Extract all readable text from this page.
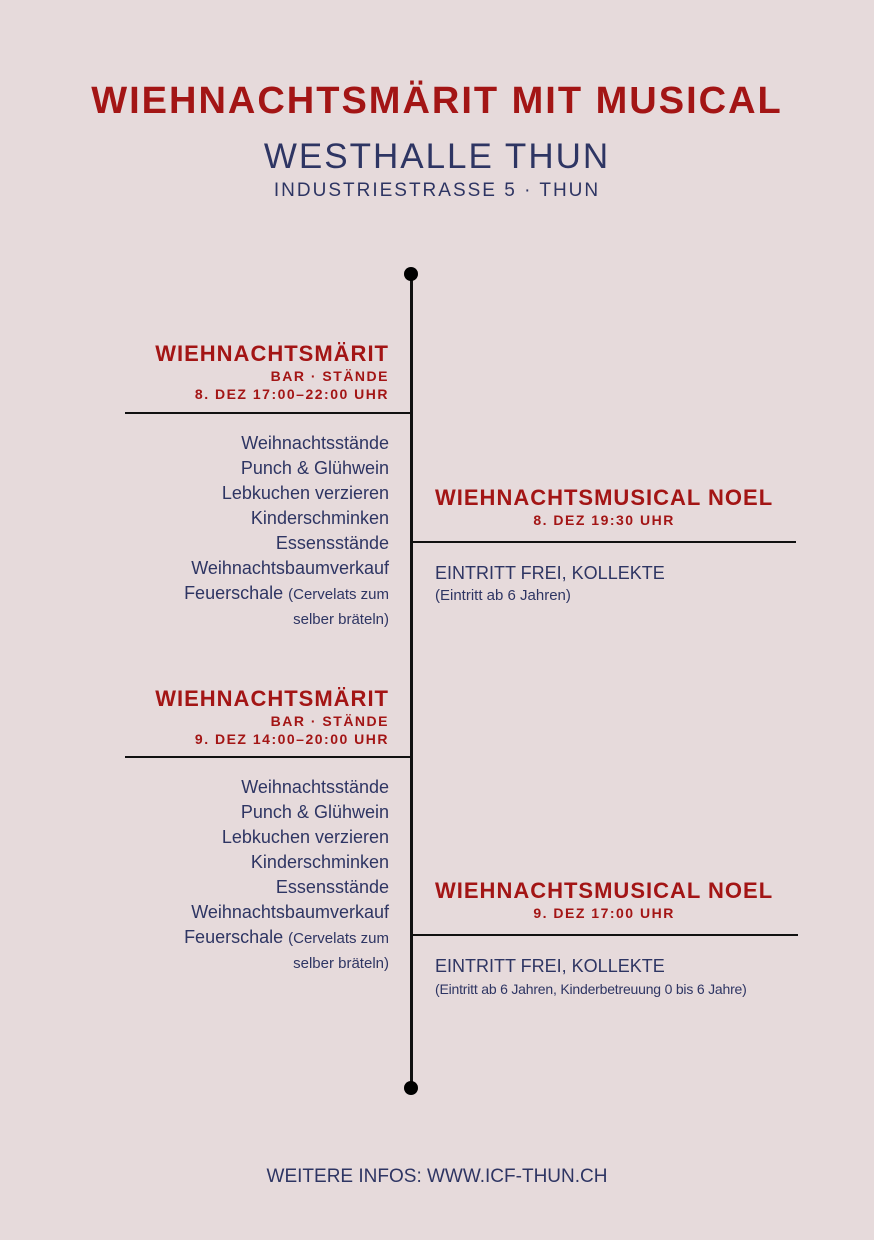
WIEHNACHTSMÄRIT MIT MUSICAL
WESTHALLE THUN
INDUSTRIESTRASSE 5 · THUN
WIEHNACHTSMÄRIT
BAR · STÄNDE
8. DEZ 17:00–22:00 UHR
Weihnachtsstände
Punch & Glühwein
Lebkuchen verzieren
Kinderschminken
Essensstände
Weihnachtsbaumverkauf
Feuerschale (Cervelats zum
selber bräteln)
WIEHNACHTSMUSICAL NOEL
8. DEZ 19:30 UHR
EINTRITT FREI, KOLLEKTE
(Eintritt ab 6 Jahren)
WIEHNACHTSMÄRIT
BAR · STÄNDE
9. DEZ 14:00–20:00 UHR
Weihnachtsstände
Punch & Glühwein
Lebkuchen verzieren
Kinderschminken
Essensstände
Weihnachtsbaumverkauf
Feuerschale (Cervelats zum
selber bräteln)
WIEHNACHTSMUSICAL NOEL
9. DEZ 17:00 UHR
EINTRITT FREI, KOLLEKTE
(Eintritt ab 6 Jahren, Kinderbetreuung 0 bis 6 Jahre)
WEITERE INFOS: WWW.ICF-THUN.CH
